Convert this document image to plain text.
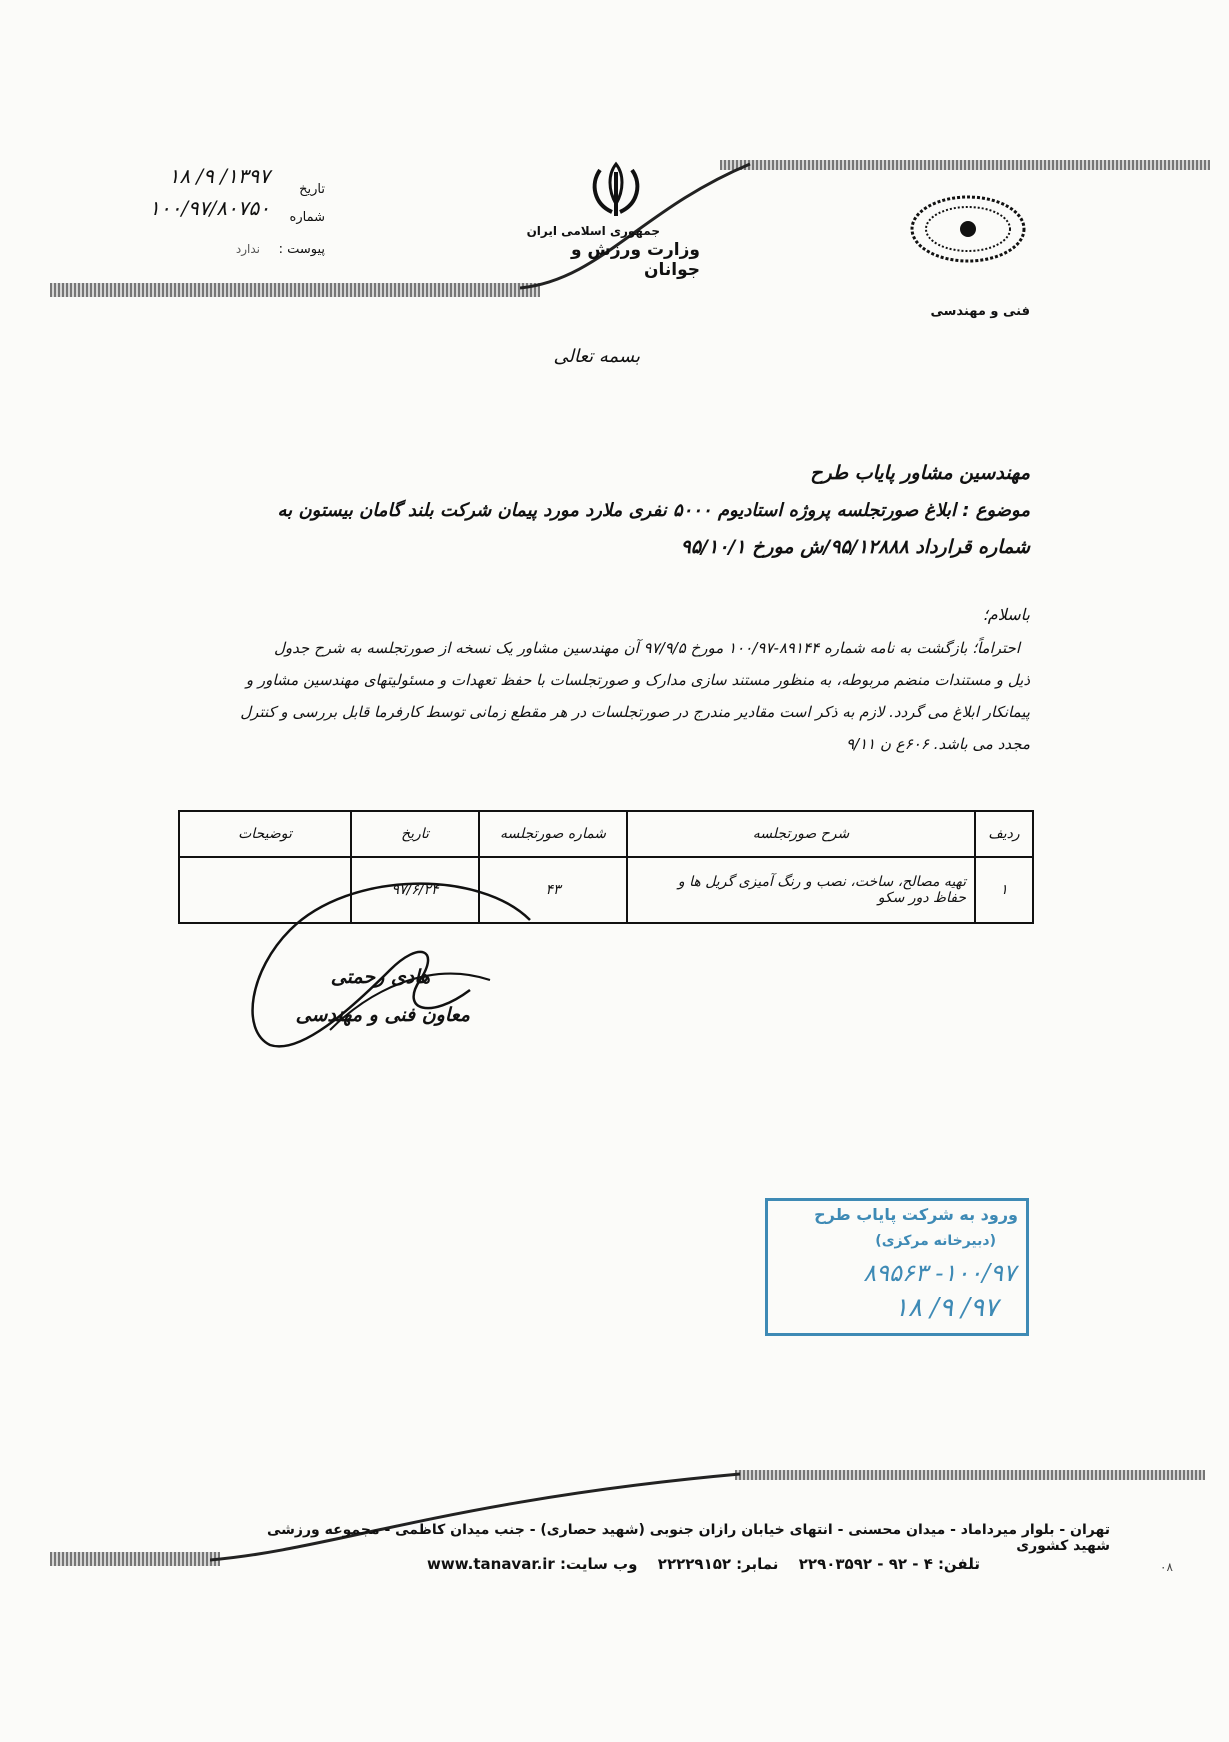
جمهوری اسلامی ایران
وزارت ورزش و جوانان
تاریخ
۱۳۹۷/ ۹/ ۱۸
شماره
۱۰۰/۹۷/۸۰۷۵۰
پیوست :
ندارد
فنی و مهندسی
بسمه تعالی
مهندسین مشاور پایاب طرح
موضوع : ابلاغ صورتجلسه پروژه استادیوم ۵۰۰۰ نفری ملارد مورد پیمان شرکت بلند گامان بیستون به
شماره قرارداد ۹۵/۱۲۸۸۸/ش مورخ ۹۵/۱۰/۱
باسلام؛
احتراماً؛ بازگشت به نامه شماره ۸۹۱۴۴-۱۰۰/۹۷ مورخ ۹۷/۹/۵ آن مهندسین مشاور یک نسخه از صورتجلسه به شرح جدول
ذیل و مستندات منضم مربوطه، به منظور مستند سازی مدارک و صورتجلسات با حفظ تعهدات و مسئولیتهای مهندسین مشاور و
پیمانکار ابلاغ می گردد. لازم به ذکر است مقادیر مندرج در صورتجلسات در هر مقطع زمانی توسط کارفرما قابل بررسی و کنترل
مجدد می باشد. ۶۰۶ع ن ۹/۱۱
ردیف	شرح صورتجلسه	شماره صورتجلسه	تاریخ	توضیحات
۱	تهیه مصالح، ساخت، نصب و رنگ آمیزی گریل ها و
حفاظ دور سکو	۴۳	۹۷/۶/۲۴	
هادی رحمتی
معاون فنی و مهندسی
ورود به شرکت پایاب طرح
(دبیرخانه مرکزی)
۱۰۰/۹۷- ۸۹۵۶۳
۹۷/ ۹/ ۱۸
تهران - بلوار میرداماد - میدان محسنی - انتهای خیابان رازان جنوبی (شهید حصاری) - جنب میدان کاظمی - مجموعه ورزشی شهید کشوری
تلفن: ۴ - ۹۲ - ۲۲۹۰۳۵۹۲    نمابر: ۲۲۲۲۹۱۵۲    وب سایت: www.tanavar.ir	٠٨
